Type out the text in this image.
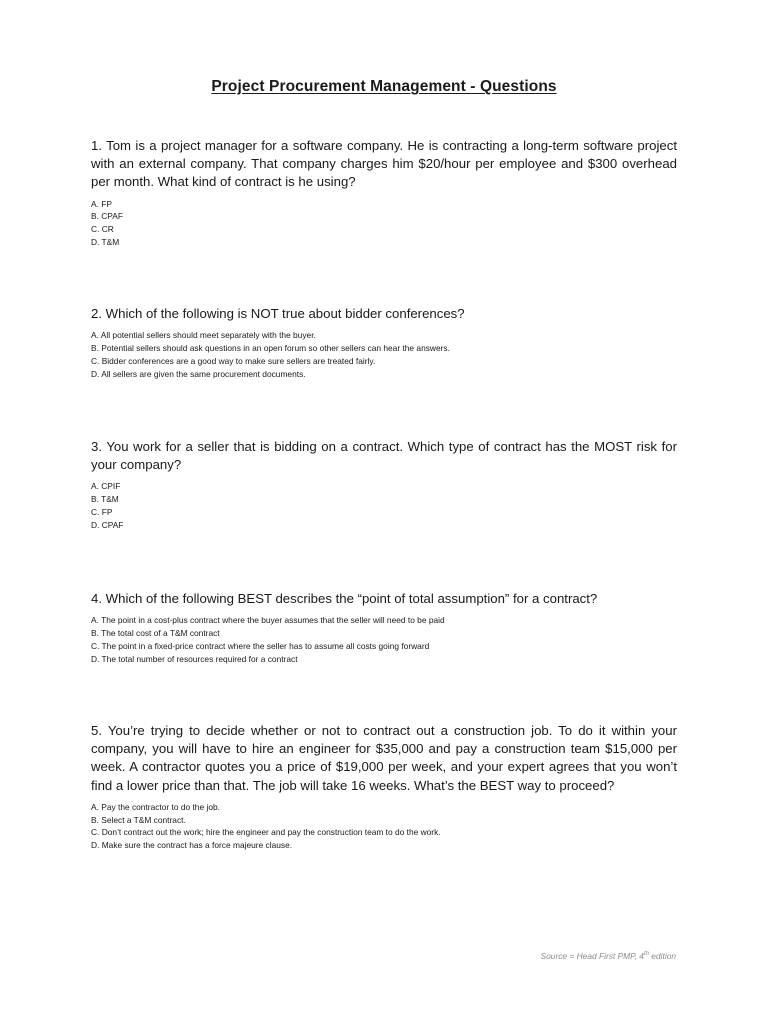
Project Procurement Management - Questions

1. Tom is a project manager for a software company. He is contracting a long-term software project with an external company. That company charges him $20/hour per employee and $300 overhead per month. What kind of contract is he using?

A. FP
B. CPAF
C. CR
D. T&M

2. Which of the following is NOT true about bidder conferences?

A. All potential sellers should meet separately with the buyer.
B. Potential sellers should ask questions in an open forum so other sellers can hear the answers.
C. Bidder conferences are a good way to make sure sellers are treated fairly.
D. All sellers are given the same procurement documents.

3. You work for a seller that is bidding on a contract. Which type of contract has the MOST risk for your company?

A. CPIF
B. T&M
C. FP
D. CPAF

4. Which of the following BEST describes the “point of total assumption” for a contract?

A. The point in a cost-plus contract where the buyer assumes that the seller will need to be paid
B. The total cost of a T&M contract
C. The point in a fixed-price contract where the seller has to assume all costs going forward
D. The total number of resources required for a contract

5. You’re trying to decide whether or not to contract out a construction job. To do it within your company, you will have to hire an engineer for $35,000 and pay a construction team $15,000 per week. A contractor quotes you a price of $19,000 per week, and your expert agrees that you won’t find a lower price than that. The job will take 16 weeks. What’s the BEST way to proceed?

A. Pay the contractor to do the job.
B. Select a T&M contract.
C. Don’t contract out the work; hire the engineer and pay the construction team to do the work.
D. Make sure the contract has a force majeure clause.
Source = Head First PMP, 4th edition
